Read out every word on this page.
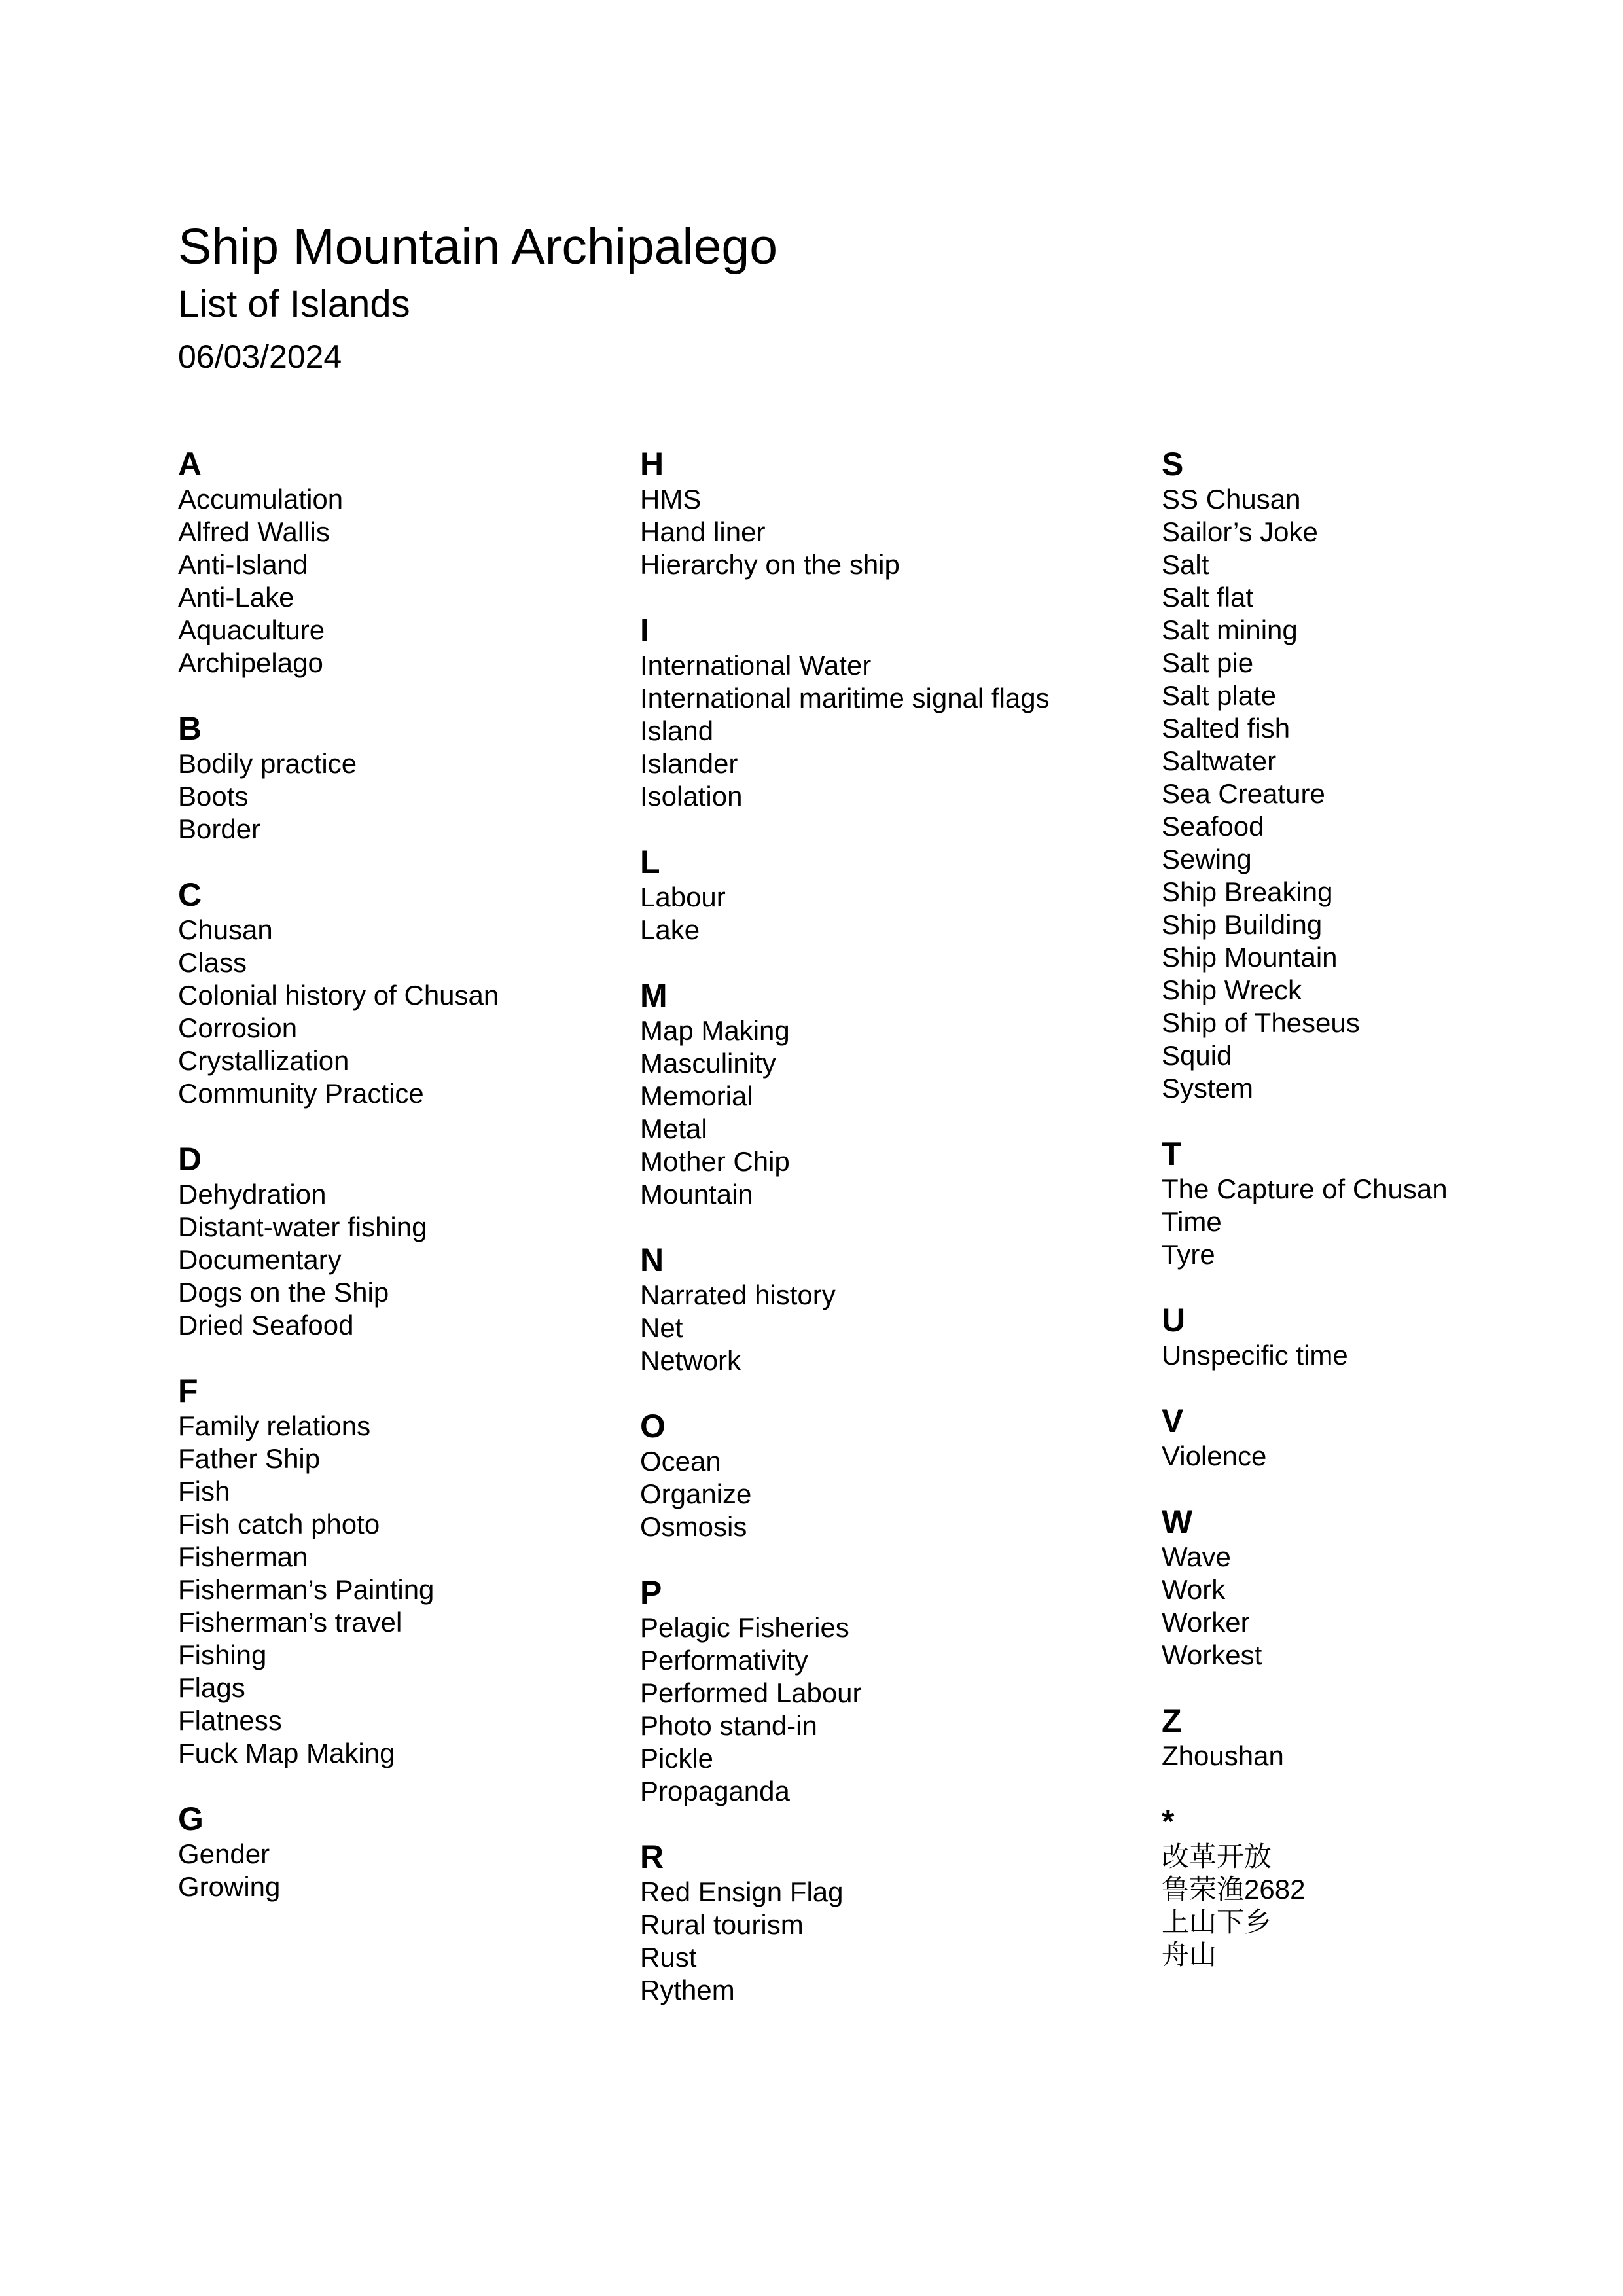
Ship Mountain Archipalego
List of Islands
06/03/2024
A
Accumulation
Alfred Wallis
Anti-Island
Anti-Lake
Aquaculture
Archipelago
B
Bodily practice
Boots
Border
C
Chusan
Class
Colonial history of Chusan
Corrosion
Crystallization
Community Practice
D
Dehydration
Distant-water fishing
Documentary
Dogs on the Ship
Dried Seafood
F
Family relations
Father Ship
Fish
Fish catch photo
Fisherman
Fisherman’s Painting
Fisherman’s travel
Fishing
Flags
Flatness
Fuck Map Making
G
Gender
Growing
H
HMS
Hand liner
Hierarchy on the ship
I
International Water
International maritime signal flags
Island
Islander
Isolation
L
Labour
Lake
M
Map Making
Masculinity
Memorial
Metal
Mother Chip
Mountain
N
Narrated history
Net
Network
O
Ocean
Organize
Osmosis
P
Pelagic Fisheries
Performativity
Performed Labour
Photo stand-in
Pickle
Propaganda
R
Red Ensign Flag
Rural tourism
Rust
Rythem
S
SS Chusan
Sailor’s Joke
Salt
Salt flat
Salt mining
Salt pie
Salt plate
Salted fish
Saltwater
Sea Creature
Seafood
Sewing
Ship Breaking
Ship Building
Ship Mountain
Ship Wreck
Ship of Theseus
Squid
System
T
The Capture of Chusan
Time
Tyre
U
Unspecific time
V
Violence
W
Wave
Work
Worker
Workest
Z
Zhoushan
*
改革开放
鲁荣渔2682
上山下乡
舟山
